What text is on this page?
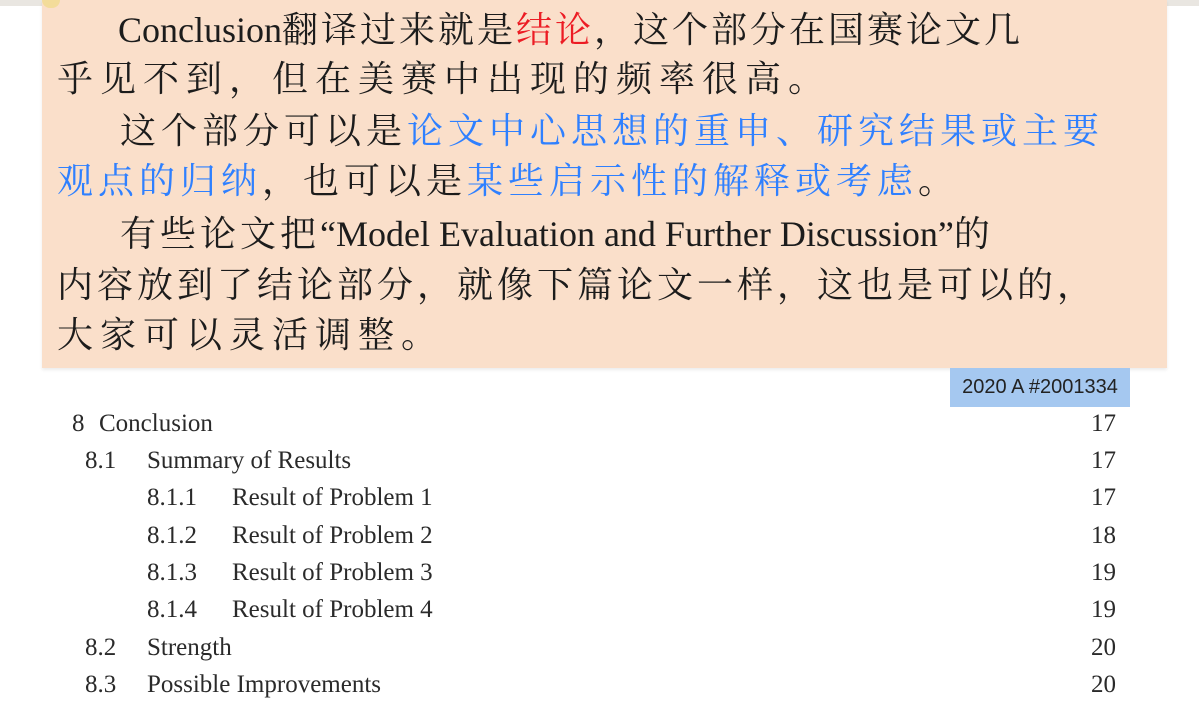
Conclusion翻译过来就是结论，这个部分在国赛论文几
乎见不到，但在美赛中出现的频率很高。
这个部分可以是论文中心思想的重申、研究结果或主要
观点的归纳，也可以是某些启示性的解释或考虑。
有些论文把“Model Evaluation and Further Discussion”的
内容放到了结论部分，就像下篇论文一样，这也是可以的，
大家可以灵活调整。
2020 A #2001334
8 Conclusion	17
8.1 Summary of Results	17
8.1.1 Result of Problem 1	17
8.1.2 Result of Problem 2	18
8.1.3 Result of Problem 3	19
8.1.4 Result of Problem 4	19
8.2 Strength	20
8.3 Possible Improvements	20
